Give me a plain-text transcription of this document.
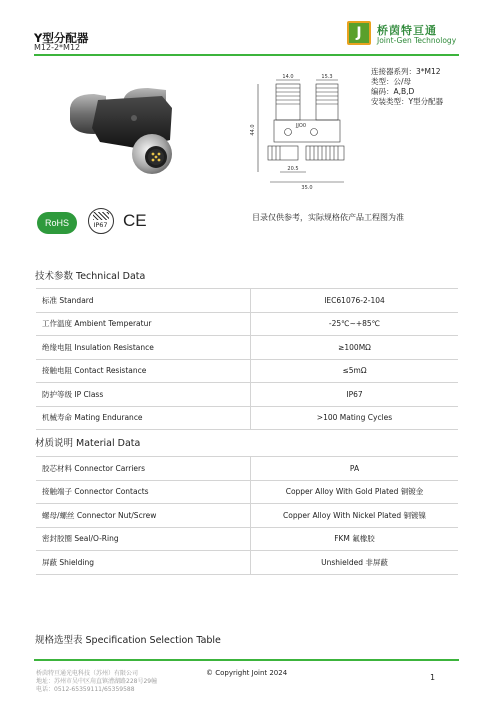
Y型分配器
M12-2*M12
J	桥茵特亘通
Joint-Gen Technology
14.0	15.3
44.0
20.5
35.0
JJO0
连接器系列：3*M12
类型：公/母
编码：A,B,D
安装类型：Y型分配器
RoHS	IP67 CE	目录仅供参考，实际规格依产品工程图为准
技术参数 Technical Data
标准 Standard	IEC61076-2-104
工作温度 Ambient Temperatur	-25℃~+85℃
绝缘电阻 Insulation Resistance	≥100MΩ
接触电阻 Contact Resistance	≤5mΩ
防护等级 IP Class	IP67
机械寿命 Mating Endurance	>100 Mating Cycles
材质说明 Material Data
胶芯材料 Connector Carriers	PA
接触端子 Connector Contacts	Copper Alloy With Gold Plated 铜镀金
螺母/螺丝 Connector Nut/Screw	Copper Alloy With Nickel Plated 铜镀镍
密封胶圈 Seal/O-Ring	FKM 氟橡胶
屏蔽 Shielding	Unshielded 非屏蔽
规格选型表 Specification Selection Table
桥茵特亘通光电科技（苏州）有限公司
地址：苏州市吴中区甪直镇漕湖路228号29幢
电话：0512-65359111/65359588
© Copyright Joint 2024	1
